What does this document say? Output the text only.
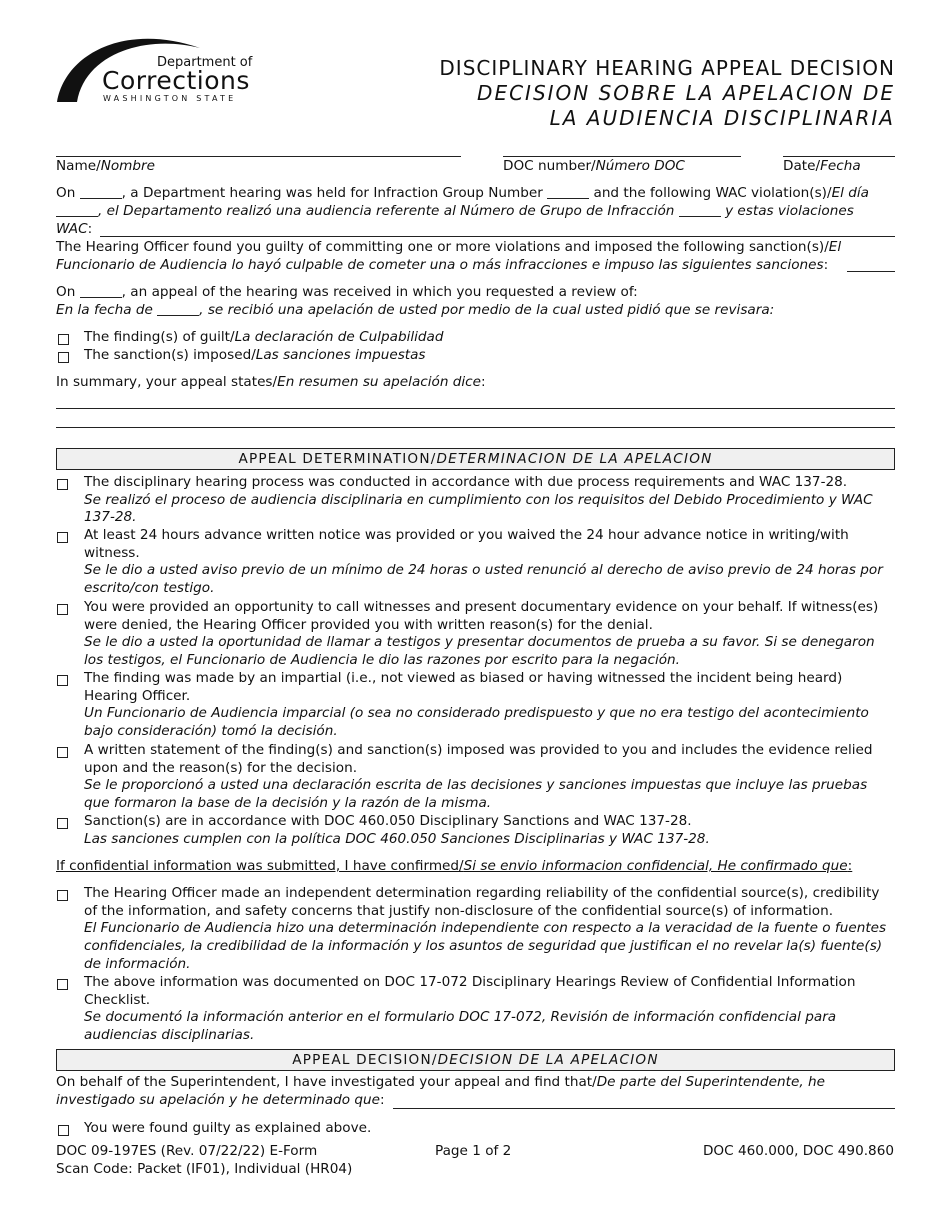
Department of
Corrections
WASHINGTON STATE
DISCIPLINARY HEARING APPEAL DECISION
DECISION SOBRE LA APELACION DE
LA AUDIENCIA DISCIPLINARIA
Name/Nombre	DOC number/Número DOC	Date/Fecha
On	, a Department hearing was held for Infraction Group Number	and the following WAC violation(s)/El día
, el Departamento realizó una audiencia referente al Número de Grupo de Infracción	y estas violaciones
WAC:
The Hearing Officer found you guilty of committing one or more violations and imposed the following sanction(s)/El Funcionario de Audiencia lo hayó culpable de cometer una o más infracciones e impuso las siguientes sanciones:
On	, an appeal of the hearing was received in which you requested a review of:
En la fecha de	, se recibió una apelación de usted por medio de la cual usted pidió que se revisara:
The finding(s) of guilt/La declaración de Culpabilidad
The sanction(s) imposed/Las sanciones impuestas
In summary, your appeal states/En resumen su apelación dice:
APPEAL DETERMINATION/DETERMINACION DE LA APELACION
The disciplinary hearing process was conducted in accordance with due process requirements and WAC 137-28.
Se realizó el proceso de audiencia disciplinaria en cumplimiento con los requisitos del Debido Procedimiento y WAC 137-28.
At least 24 hours advance written notice was provided or you waived the 24 hour advance notice in writing/with witness.
Se le dio a usted aviso previo de un mínimo de 24 horas o usted renunció al derecho de aviso previo de 24 horas por escrito/con testigo.
You were provided an opportunity to call witnesses and present documentary evidence on your behalf. If witness(es) were denied, the Hearing Officer provided you with written reason(s) for the denial.
Se le dio a usted la oportunidad de llamar a testigos y presentar documentos de prueba a su favor. Si se denegaron los testigos, el Funcionario de Audiencia le dio las razones por escrito para la negación.
The finding was made by an impartial (i.e., not viewed as biased or having witnessed the incident being heard) Hearing Officer.
Un Funcionario de Audiencia imparcial (o sea no considerado predispuesto y que no era testigo del acontecimiento bajo consideración) tomó la decisión.
A written statement of the finding(s) and sanction(s) imposed was provided to you and includes the evidence relied upon and the reason(s) for the decision.
Se le proporcionó a usted una declaración escrita de las decisiones y sanciones impuestas que incluye las pruebas que formaron la base de la decisión y la razón de la misma.
Sanction(s) are in accordance with DOC 460.050 Disciplinary Sanctions and WAC 137-28.
Las sanciones cumplen con la política DOC 460.050 Sanciones Disciplinarias y WAC 137-28.
If confidential information was submitted, I have confirmed/Si se envio informacion confidencial, He confirmado que:
The Hearing Officer made an independent determination regarding reliability of the confidential source(s), credibility of the information, and safety concerns that justify non-disclosure of the confidential source(s) of information.
El Funcionario de Audiencia hizo una determinación independiente con respecto a la veracidad de la fuente o fuentes confidenciales, la credibilidad de la información y los asuntos de seguridad que justifican el no revelar la(s) fuente(s) de información.
The above information was documented on DOC 17-072 Disciplinary Hearings Review of Confidential Information Checklist.
Se documentó la información anterior en el formulario DOC 17-072, Revisión de información confidencial para audiencias disciplinarias.
APPEAL DECISION/DECISION DE LA APELACION
On behalf of the Superintendent, I have investigated your appeal and find that/De parte del Superintendente, he investigado su apelación y he determinado que:
You were found guilty as explained above.
DOC 09-197ES (Rev. 07/22/22) E-Form
Scan Code: Packet (IF01), Individual (HR04)
Page 1 of 2	DOC 460.000, DOC 490.860
